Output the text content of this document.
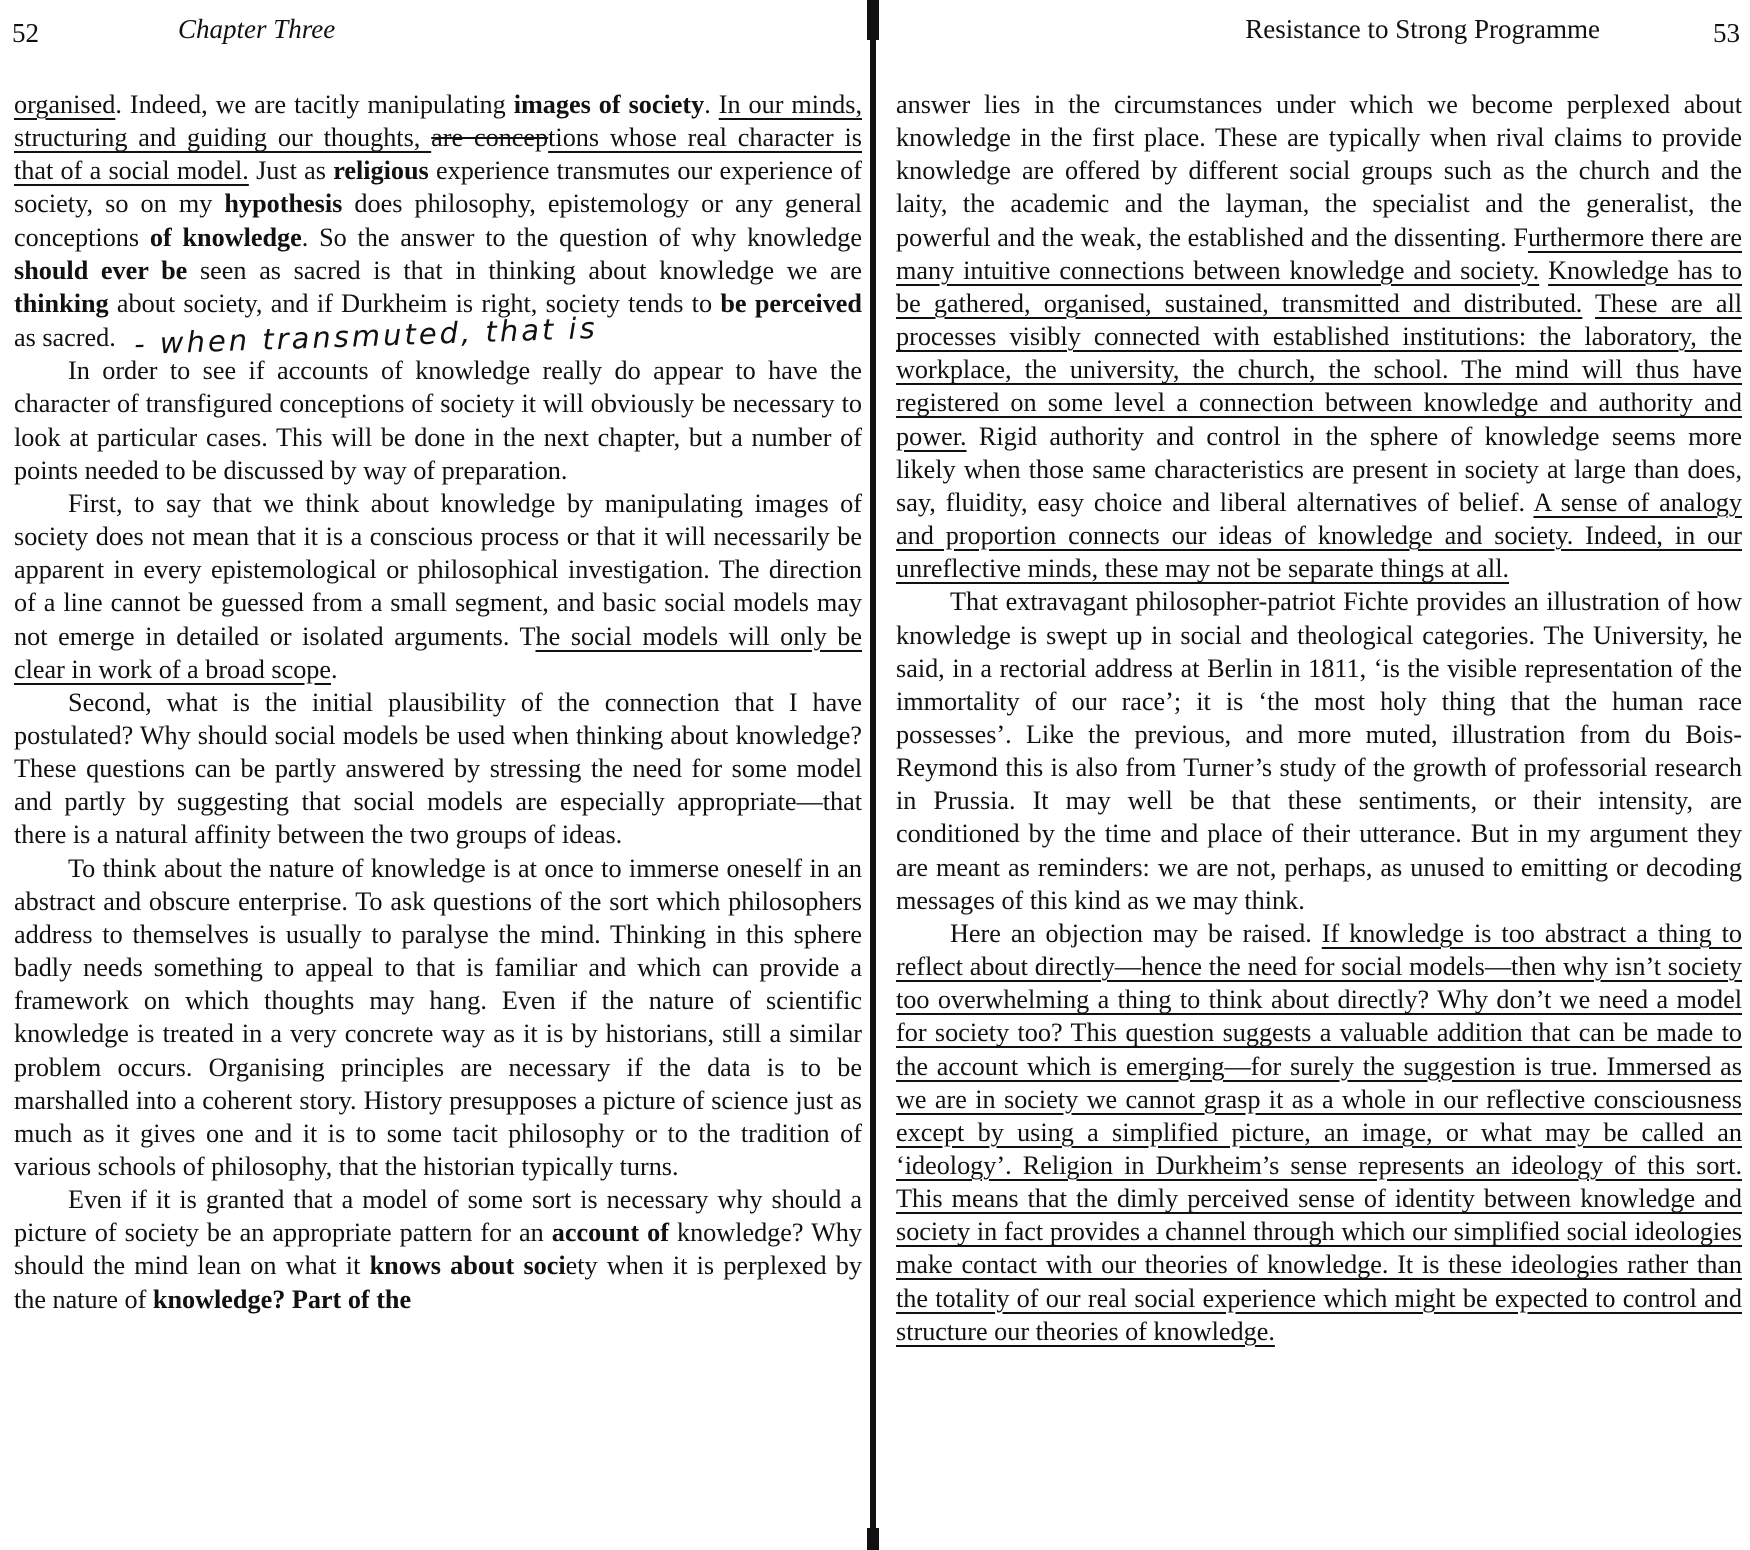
52	Chapter Three

organised. Indeed, we are tacitly manipulating images of society. In our minds, structuring and guiding our thoughts, are conceptions whose real character is that of a social model. Just as religious experience transmutes our experience of society, so on my hypothesis does philosophy, epistemology or any general conceptions of knowledge. So the answer to the question of why knowledge should ever be seen as sacred is that in thinking about knowledge we are thinking about society, and if Durkheim is right, society tends to be perceived as sacred. - when transmuted, that is

In order to see if accounts of knowledge really do appear to have the character of transfigured conceptions of society it will obviously be necessary to look at particular cases. This will be done in the next chapter, but a number of points needed to be discussed by way of preparation.

First, to say that we think about knowledge by manipulating images of society does not mean that it is a conscious process or that it will necessarily be apparent in every epistemological or philosophical investigation. The direction of a line cannot be guessed from a small segment, and basic social models may not emerge in detailed or isolated arguments. The social models will only be clear in work of a broad scope.

Second, what is the initial plausibility of the connection that I have postulated? Why should social models be used when thinking about knowledge? These questions can be partly answered by stressing the need for some model and partly by suggesting that social models are especially appropriate—that there is a natural affinity between the two groups of ideas.

To think about the nature of knowledge is at once to immerse oneself in an abstract and obscure enterprise. To ask questions of the sort which philosophers address to themselves is usually to paralyse the mind. Thinking in this sphere badly needs something to appeal to that is familiar and which can provide a framework on which thoughts may hang. Even if the nature of scientific knowledge is treated in a very concrete way as it is by historians, still a similar problem occurs. Organising principles are necessary if the data is to be marshalled into a coherent story. History presupposes a picture of science just as much as it gives one and it is to some tacit philosophy or to the tradition of various schools of philosophy, that the historian typically turns.

Even if it is granted that a model of some sort is necessary why should a picture of society be an appropriate pattern for an account of knowledge? Why should the mind lean on what it knows about society when it is perplexed by the nature of knowledge? Part of the

Resistance to Strong Programme	53

answer lies in the circumstances under which we become perplexed about knowledge in the first place. These are typically when rival claims to provide knowledge are offered by different social groups such as the church and the laity, the academic and the layman, the specialist and the generalist, the powerful and the weak, the established and the dissenting. Furthermore there are many intuitive connections between knowledge and society. Knowledge has to be gathered, organised, sustained, transmitted and distributed. These are all processes visibly connected with established institutions: the laboratory, the workplace, the university, the church, the school. The mind will thus have registered on some level a connection between knowledge and authority and power. Rigid authority and control in the sphere of knowledge seems more likely when those same characteristics are present in society at large than does, say, fluidity, easy choice and liberal alternatives of belief. A sense of analogy and proportion connects our ideas of knowledge and society. Indeed, in our unreflective minds, these may not be separate things at all.

That extravagant philosopher-patriot Fichte provides an illustration of how knowledge is swept up in social and theological categories. The University, he said, in a rectorial address at Berlin in 1811, ‘is the visible representation of the immortality of our race’; it is ‘the most holy thing that the human race possesses’. Like the previous, and more muted, illustration from du Bois-Reymond this is also from Turner’s study of the growth of professorial research in Prussia. It may well be that these sentiments, or their intensity, are conditioned by the time and place of their utterance. But in my argument they are meant as reminders: we are not, perhaps, as unused to emitting or decoding messages of this kind as we may think.

Here an objection may be raised. If knowledge is too abstract a thing to reflect about directly—hence the need for social models—then why isn’t society too overwhelming a thing to think about directly? Why don’t we need a model for society too? This question suggests a valuable addition that can be made to the account which is emerging—for surely the suggestion is true. Immersed as we are in society we cannot grasp it as a whole in our reflective consciousness except by using a simplified picture, an image, or what may be called an ‘ideology’. Religion in Durkheim’s sense represents an ideology of this sort. This means that the dimly perceived sense of identity between knowledge and society in fact provides a channel through which our simplified social ideologies make contact with our theories of knowledge. It is these ideologies rather than the totality of our real social experience which might be expected to control and structure our theories of knowledge.
